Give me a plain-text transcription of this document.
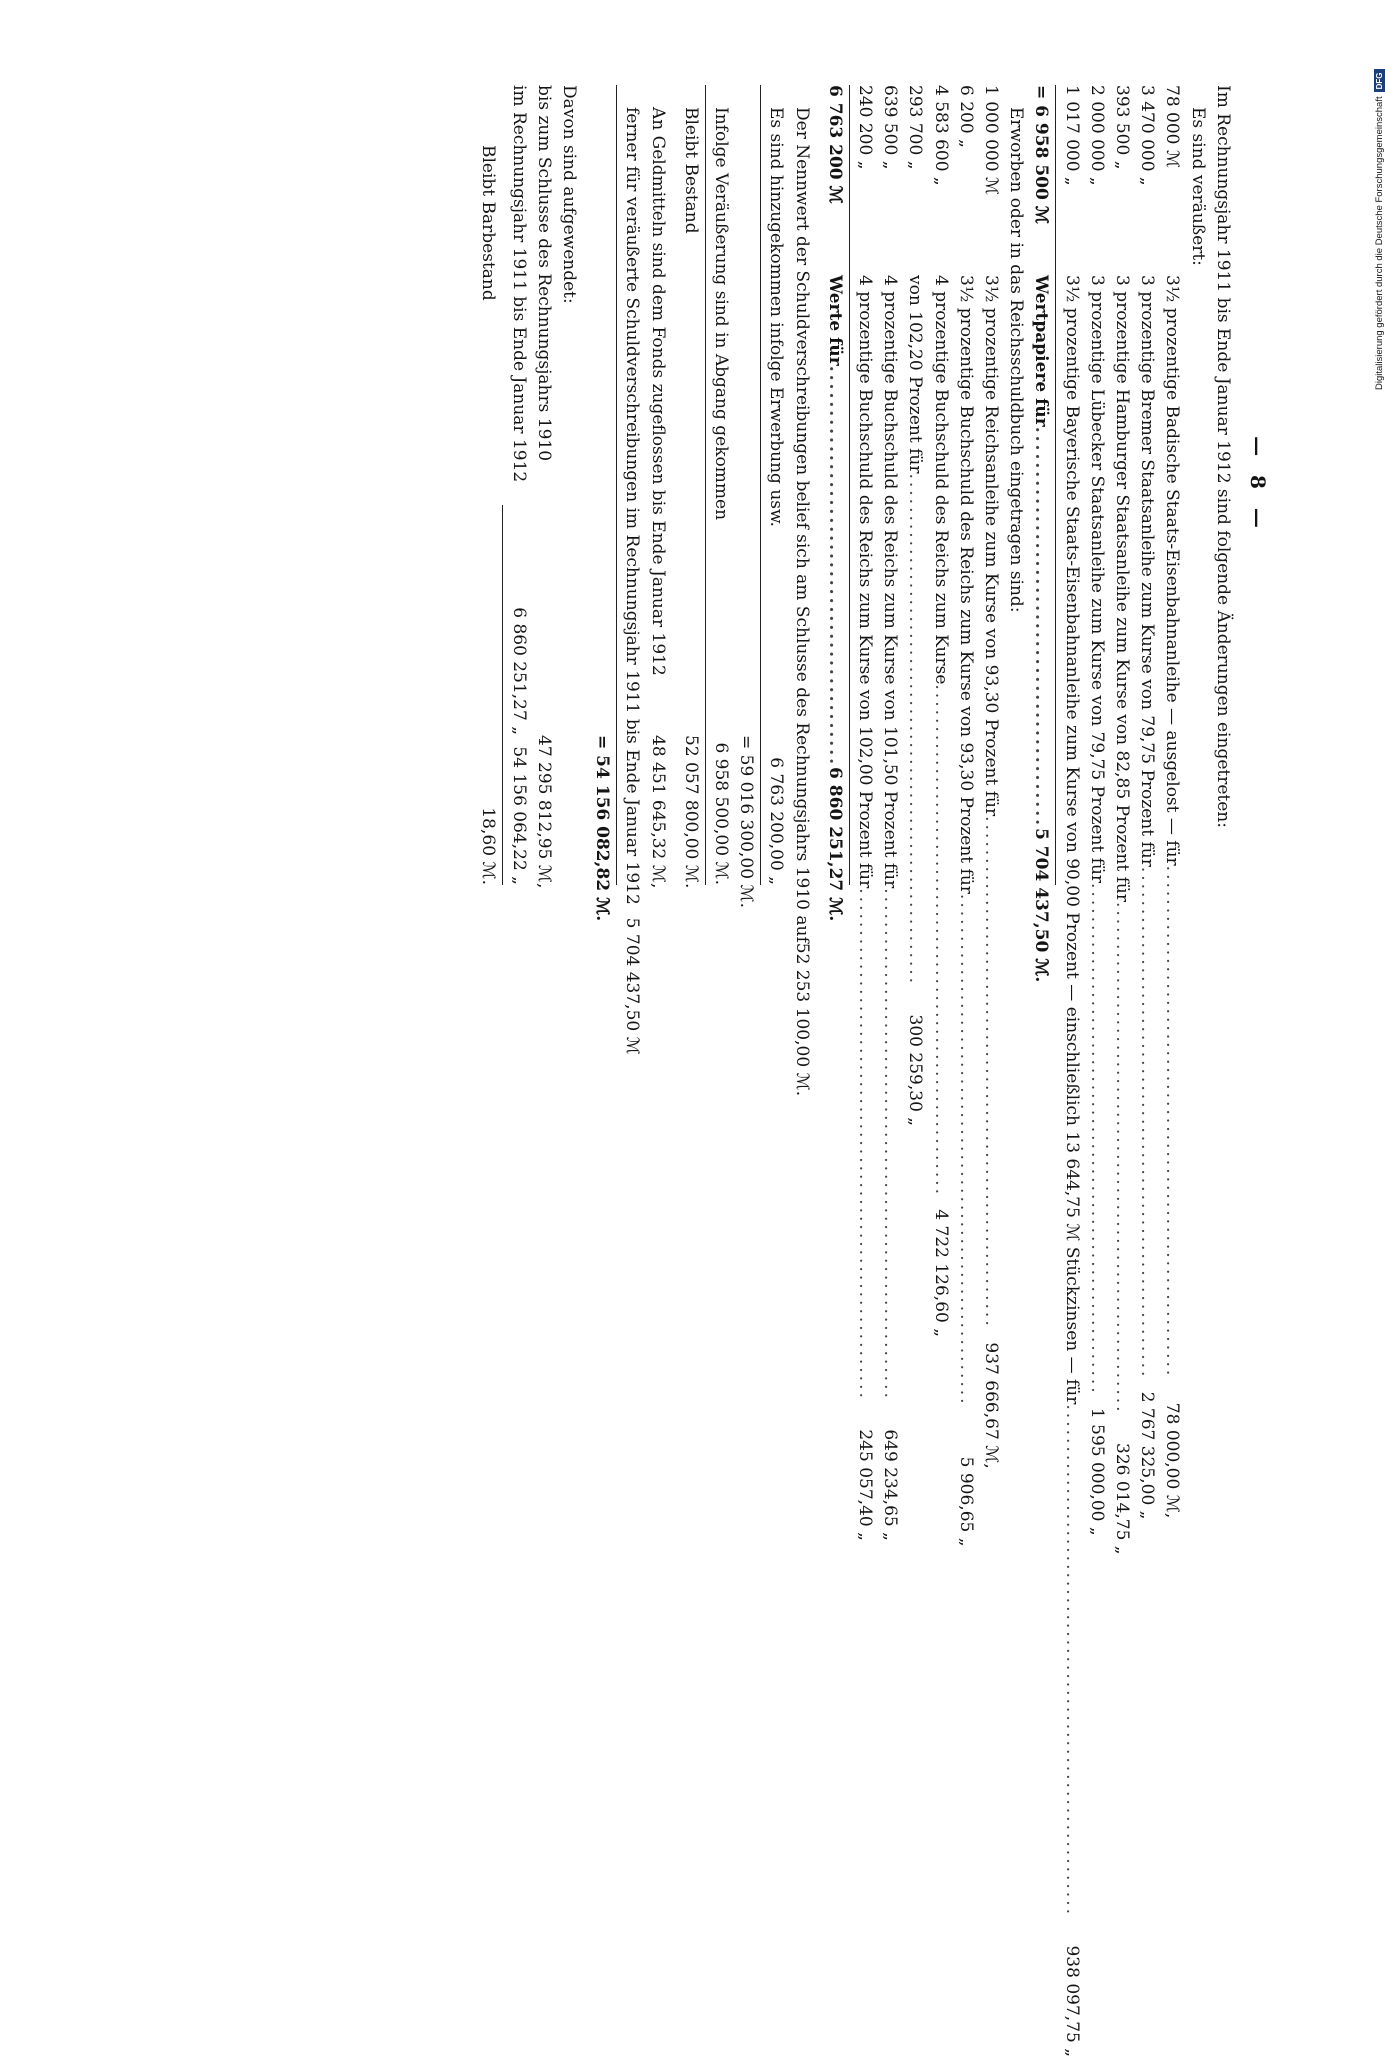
— 8 —

Im Rechnungsjahr 1911 bis Ende Januar 1912 sind folgende Änderungen eingetreten:

Es sind veräußert:
78 000 ℳ
3½ prozentige Badische Staats-Eisenbahnanleihe — ausgelost — für
.............................................................
78 000,00 ℳ,
3 470 000 „
3 prozentige Bremer Staatsanleihe zum Kurse von 79,75 Prozent für
.............................................................
2 767 325,00 „
393 500 „
3 prozentige Hamburger Staatsanleihe zum Kurse von 82,85 Prozent für
.............................................................
326 014,75 „
2 000 000 „
3 prozentige Lübecker Staatsanleihe zum Kurse von 79,75 Prozent für
.............................................................
1 595 000,00 „
1 017 000 „
3½ prozentige Bayerische Staats-Eisenbahnanleihe zum Kurse von 90,00 Prozent — einschließlich 13 644,75 ℳ Stückzinsen — für
.............................................................
938 097,75 „
= 6 958 500 ℳ
Wertpapiere für
.............................................
5 704 437,50 ℳ.
Erworben oder in das Reichsschuldbuch eingetragen sind:
1 000 000 ℳ
3½ prozentige Reichsanleihe zum Kurse von 93,30 Prozent für
.............................................................
937 666,67 ℳ,
6 200 „
3½ prozentige Buchschuld des Reichs zum Kurse von 93,30 Prozent für
.............................................................
5 906,65 „
4 583 600 „
4 prozentige Buchschuld des Reichs zum Kurse
.............................................................
4 722 126,60 „
293 700 „
von 102,20 Prozent für
.............................................................
300 259,30 „
639 500 „
4 prozentige Buchschuld des Reichs zum Kurse von 101,50 Prozent für
.............................................................
649 234,65 „
240 200 „
4 prozentige Buchschuld des Reichs zum Kurse von 102,00 Prozent für
.............................................................
245 057,40 „
6 763 200 ℳ
Werte für
.............................................
6 860 251,27 ℳ.
Der Nennwert der Schuldverschreibungen belief sich am Schlusse des Rechnungsjahrs 1910 auf
52 253 100,00 ℳ.
Es sind hinzugekommen infolge Erwerbung usw.
6 763 200,00 „
= 59 016 300,00 ℳ.
Infolge Veräußerung sind in Abgang gekommen
6 958 500,00 ℳ.
Bleibt Bestand
52 057 800,00 ℳ.
An Geldmitteln sind dem Fonds zugeflossen bis Ende Januar 1912
48 451 645,32 ℳ,
ferner für veräußerte Schuldverschreibungen im Rechnungsjahr 1911 bis Ende Januar 1912
5 704 437,50 ℳ
= 54 156 082,82 ℳ.
Davon sind aufgewendet:
bis zum Schlusse des Rechnungsjahrs 1910
47 295 812,95 ℳ,
im Rechnungsjahr 1911 bis Ende Januar 1912
6 860 251,27 „
54 156 064,22 „
Bleibt Barbestand
18,60 ℳ.
Digitalisierung gefördert durch die Deutsche Forschungsgemeinschaft
DFG
